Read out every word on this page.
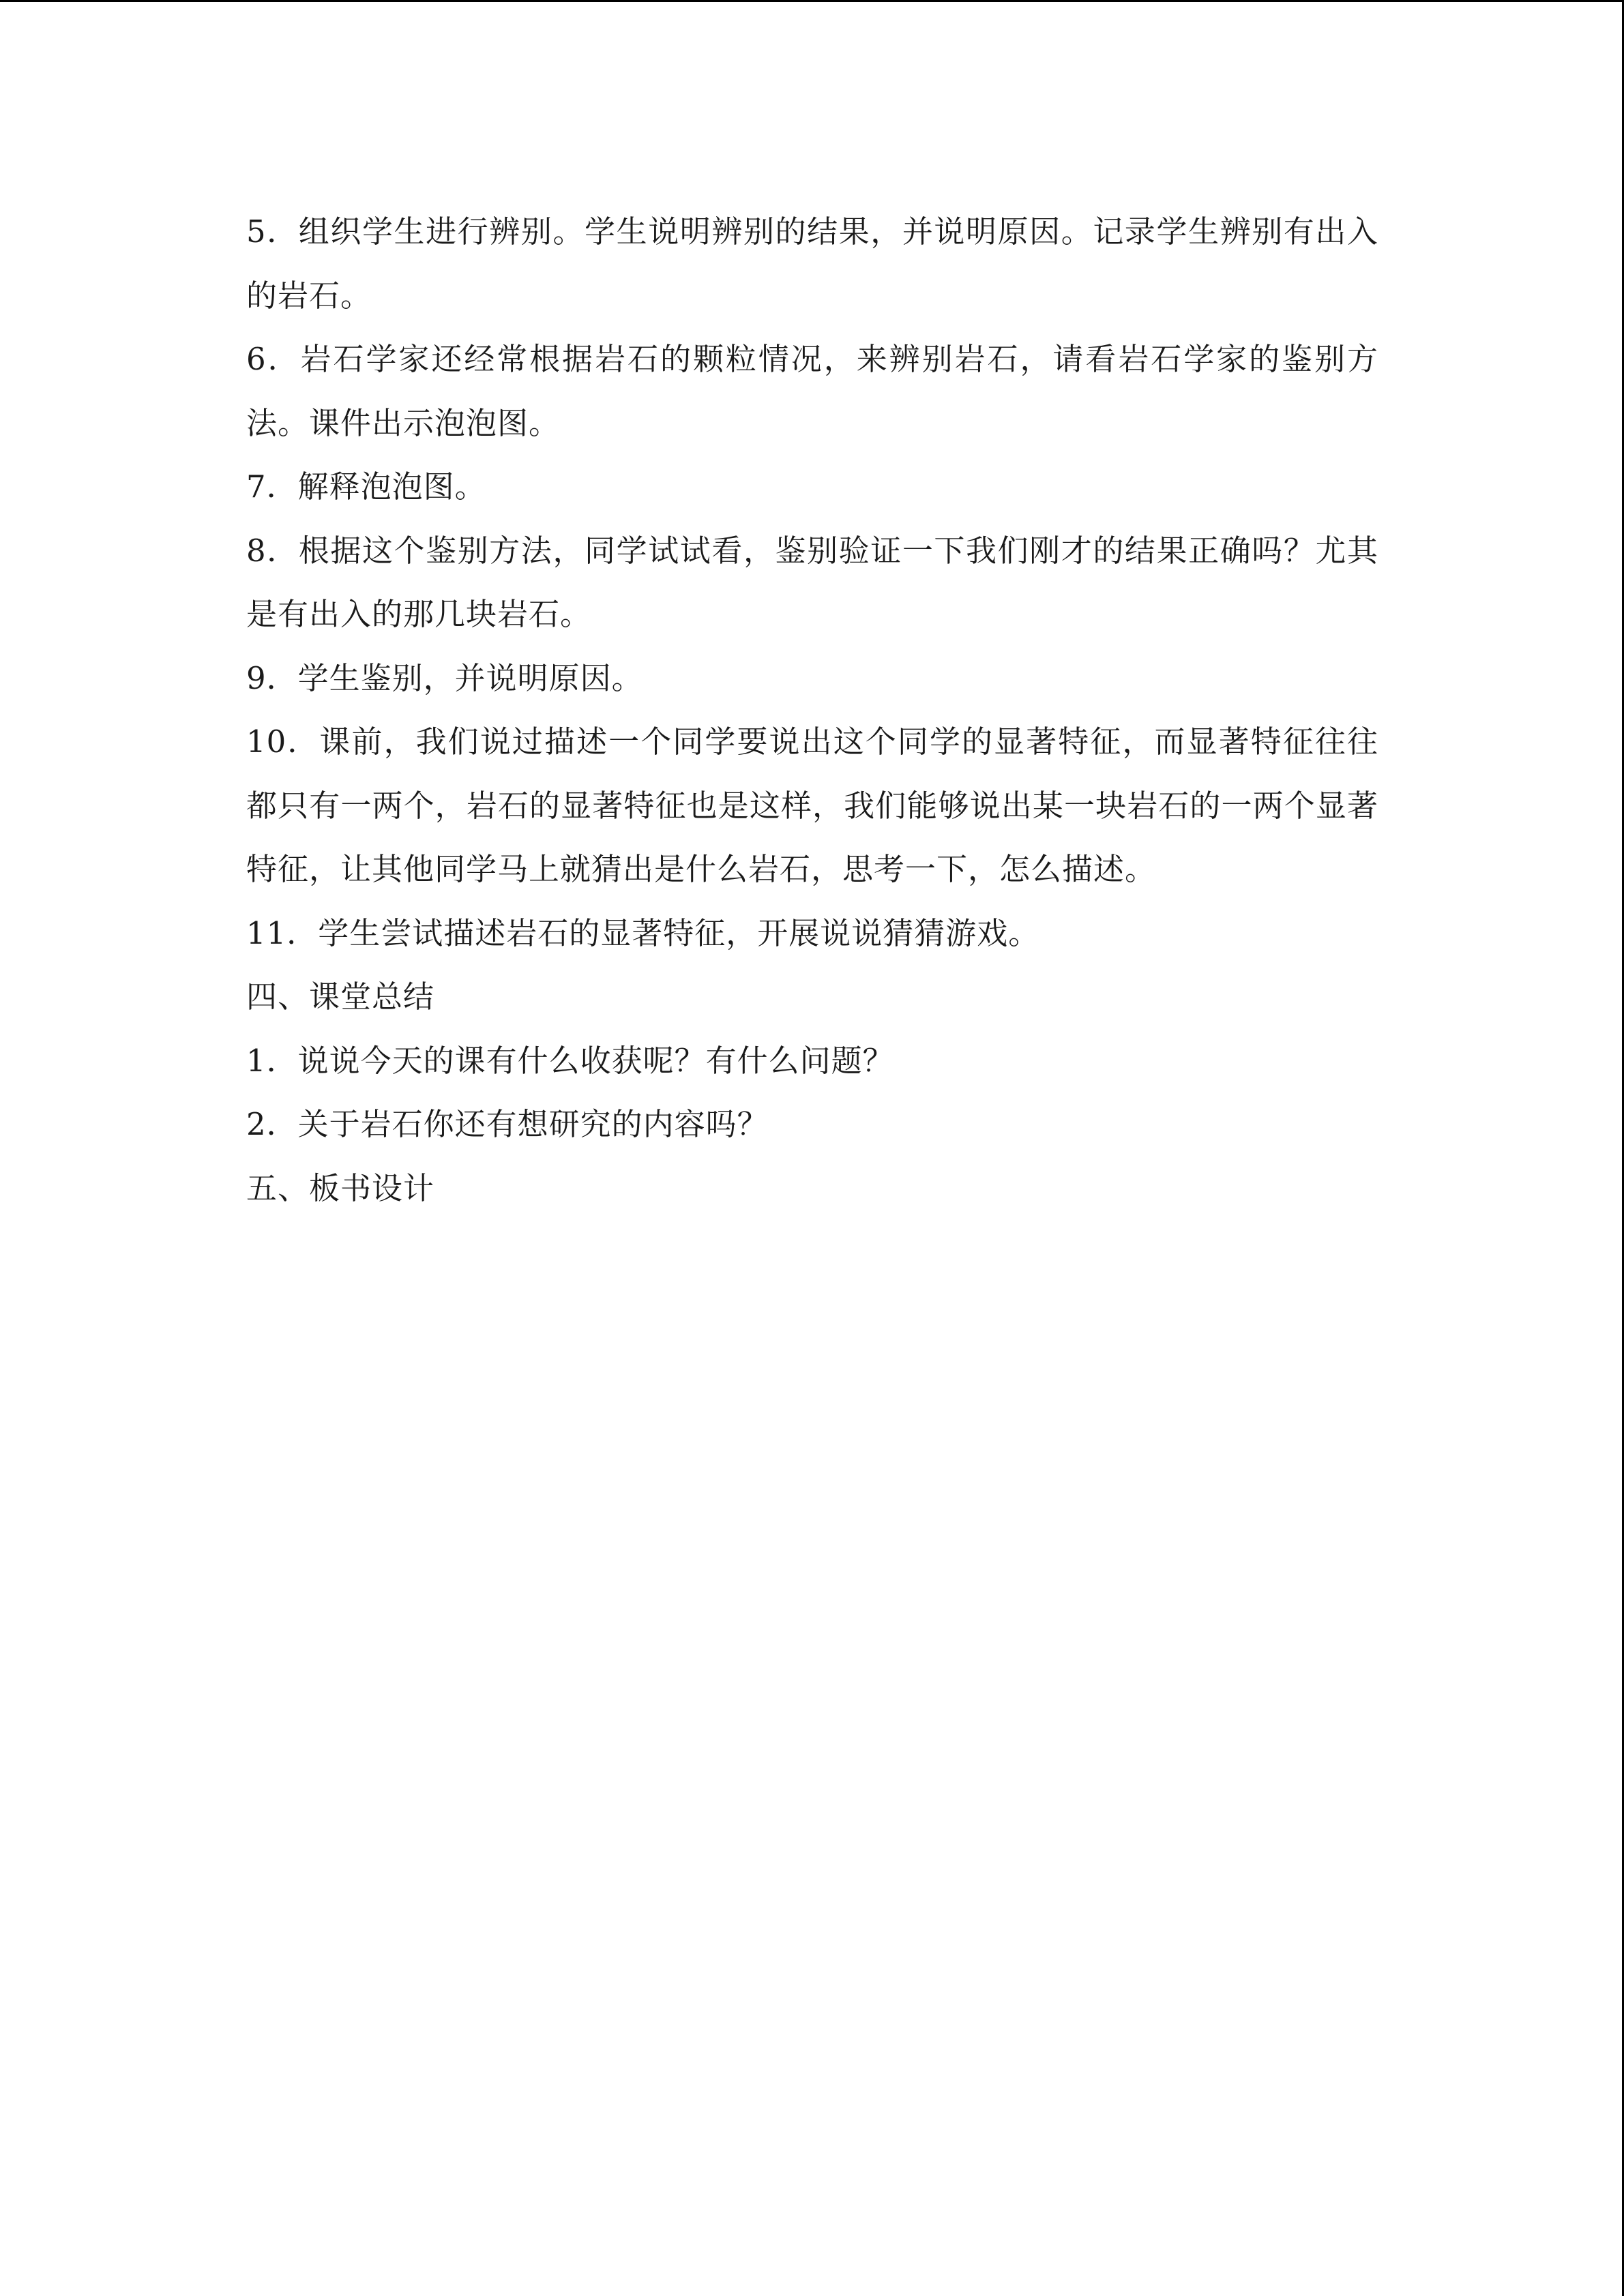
5．组织学生进行辨别。学生说明辨别的结果，并说明原因。记录学生辨别有出入的岩石。

6．岩石学家还经常根据岩石的颗粒情况，来辨别岩石，请看岩石学家的鉴别方法。课件出示泡泡图。

7．解释泡泡图。

8．根据这个鉴别方法，同学试试看，鉴别验证一下我们刚才的结果正确吗？尤其是有出入的那几块岩石。

9．学生鉴别，并说明原因。

10．课前，我们说过描述一个同学要说出这个同学的显著特征，而显著特征往往都只有一两个，岩石的显著特征也是这样，我们能够说出某一块岩石的一两个显著特征，让其他同学马上就猜出是什么岩石，思考一下，怎么描述。

11．学生尝试描述岩石的显著特征，开展说说猜猜游戏。

四、课堂总结

1．说说今天的课有什么收获呢？有什么问题？

2．关于岩石你还有想研究的内容吗？

五、板书设计
